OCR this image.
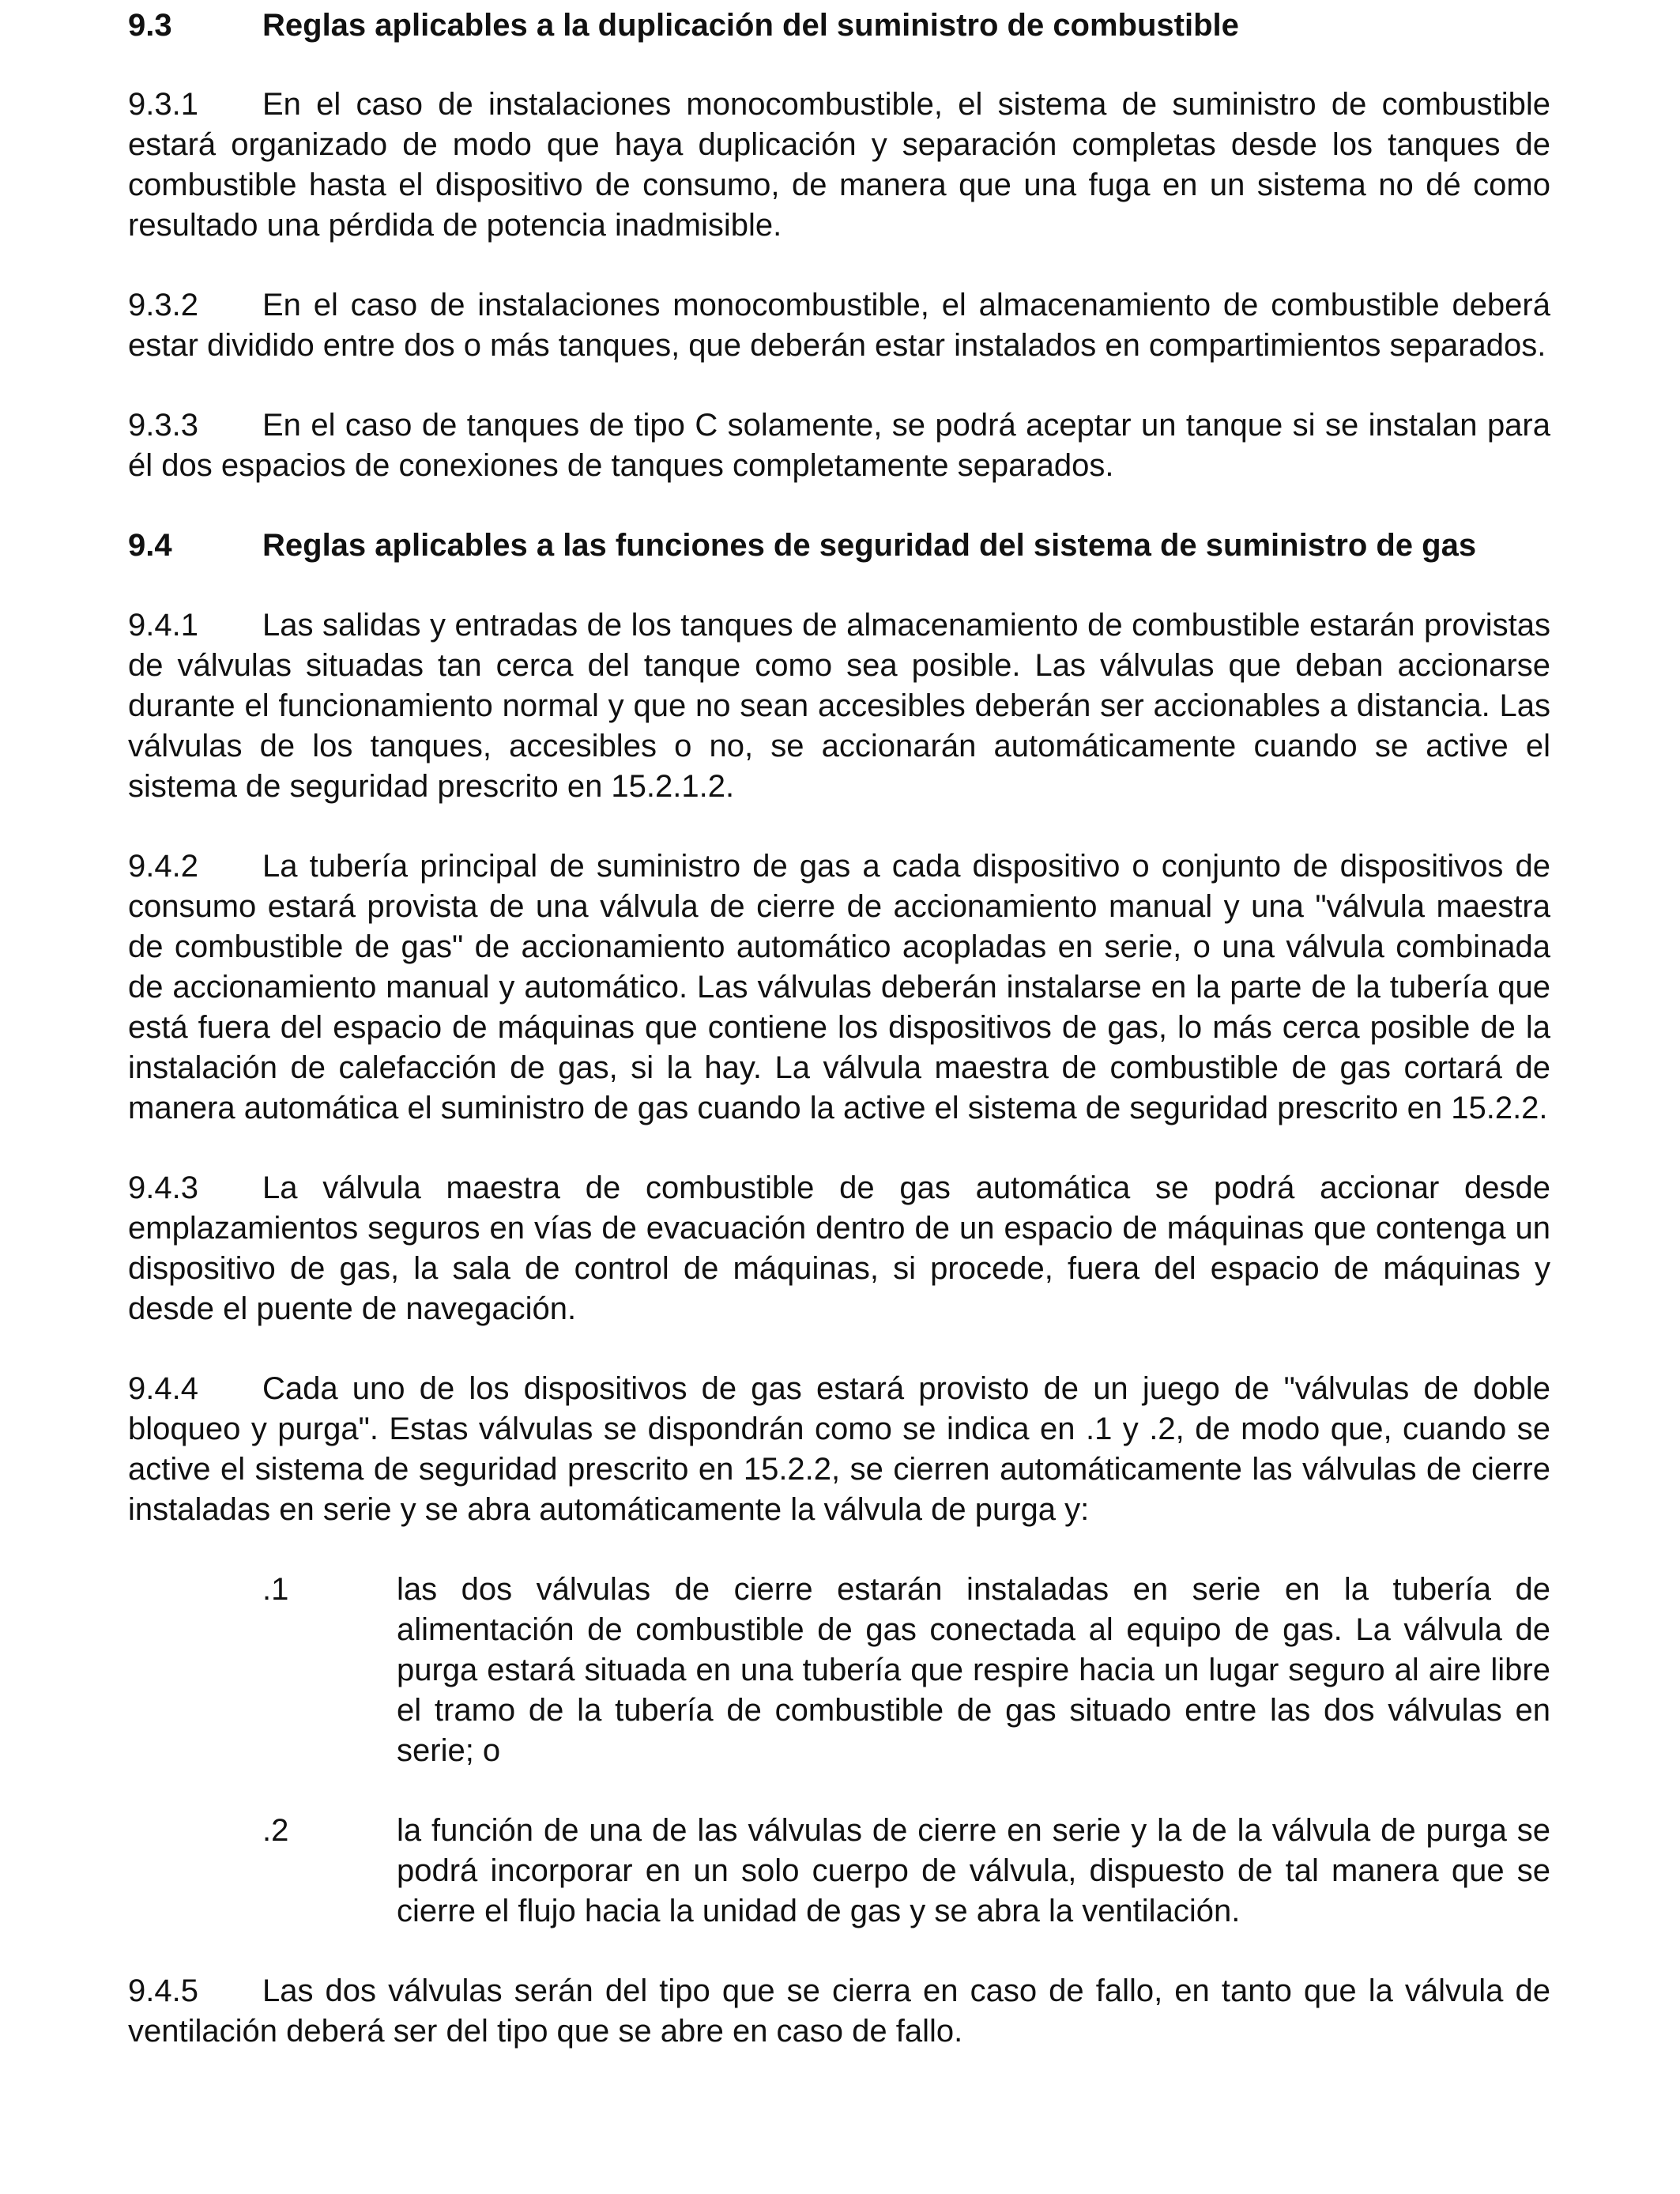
9.3	Reglas aplicables a la duplicación del suministro de combustible

9.3.1 En el caso de instalaciones monocombustible, el sistema de suministro de combustible estará organizado de modo que haya duplicación y separación completas desde los tanques de combustible hasta el dispositivo de consumo, de manera que una fuga en un sistema no dé como resultado una pérdida de potencia inadmisible.

9.3.2 En el caso de instalaciones monocombustible, el almacenamiento de combustible deberá estar dividido entre dos o más tanques, que deberán estar instalados en compartimientos separados.

9.3.3 En el caso de tanques de tipo C solamente, se podrá aceptar un tanque si se instalan para él dos espacios de conexiones de tanques completamente separados.

9.4	Reglas aplicables a las funciones de seguridad del sistema de suministro de gas

9.4.1 Las salidas y entradas de los tanques de almacenamiento de combustible estarán provistas de válvulas situadas tan cerca del tanque como sea posible. Las válvulas que deban accionarse durante el funcionamiento normal y que no sean accesibles deberán ser accionables a distancia. Las válvulas de los tanques, accesibles o no, se accionarán automáticamente cuando se active el sistema de seguridad prescrito en 15.2.1.2.

9.4.2 La tubería principal de suministro de gas a cada dispositivo o conjunto de dispositivos de consumo estará provista de una válvula de cierre de accionamiento manual y una "válvula maestra de combustible de gas" de accionamiento automático acopladas en serie, o una válvula combinada de accionamiento manual y automático. Las válvulas deberán instalarse en la parte de la tubería que está fuera del espacio de máquinas que contiene los dispositivos de gas, lo más cerca posible de la instalación de calefacción de gas, si la hay. La válvula maestra de combustible de gas cortará de manera automática el suministro de gas cuando la active el sistema de seguridad prescrito en 15.2.2.

9.4.3 La válvula maestra de combustible de gas automática se podrá accionar desde emplazamientos seguros en vías de evacuación dentro de un espacio de máquinas que contenga un dispositivo de gas, la sala de control de máquinas, si procede, fuera del espacio de máquinas y desde el puente de navegación.

9.4.4 Cada uno de los dispositivos de gas estará provisto de un juego de "válvulas de doble bloqueo y purga". Estas válvulas se dispondrán como se indica en .1 y .2, de modo que, cuando se active el sistema de seguridad prescrito en 15.2.2, se cierren automáticamente las válvulas de cierre instaladas en serie y se abra automáticamente la válvula de purga y:

.1	las dos válvulas de cierre estarán instaladas en serie en la tubería de alimentación de combustible de gas conectada al equipo de gas. La válvula de purga estará situada en una tubería que respire hacia un lugar seguro al aire libre el tramo de la tubería de combustible de gas situado entre las dos válvulas en serie; o
.2	la función de una de las válvulas de cierre en serie y la de la válvula de purga se podrá incorporar en un solo cuerpo de válvula, dispuesto de tal manera que se cierre el flujo hacia la unidad de gas y se abra la ventilación.

9.4.5 Las dos válvulas serán del tipo que se cierra en caso de fallo, en tanto que la válvula de ventilación deberá ser del tipo que se abre en caso de fallo.
